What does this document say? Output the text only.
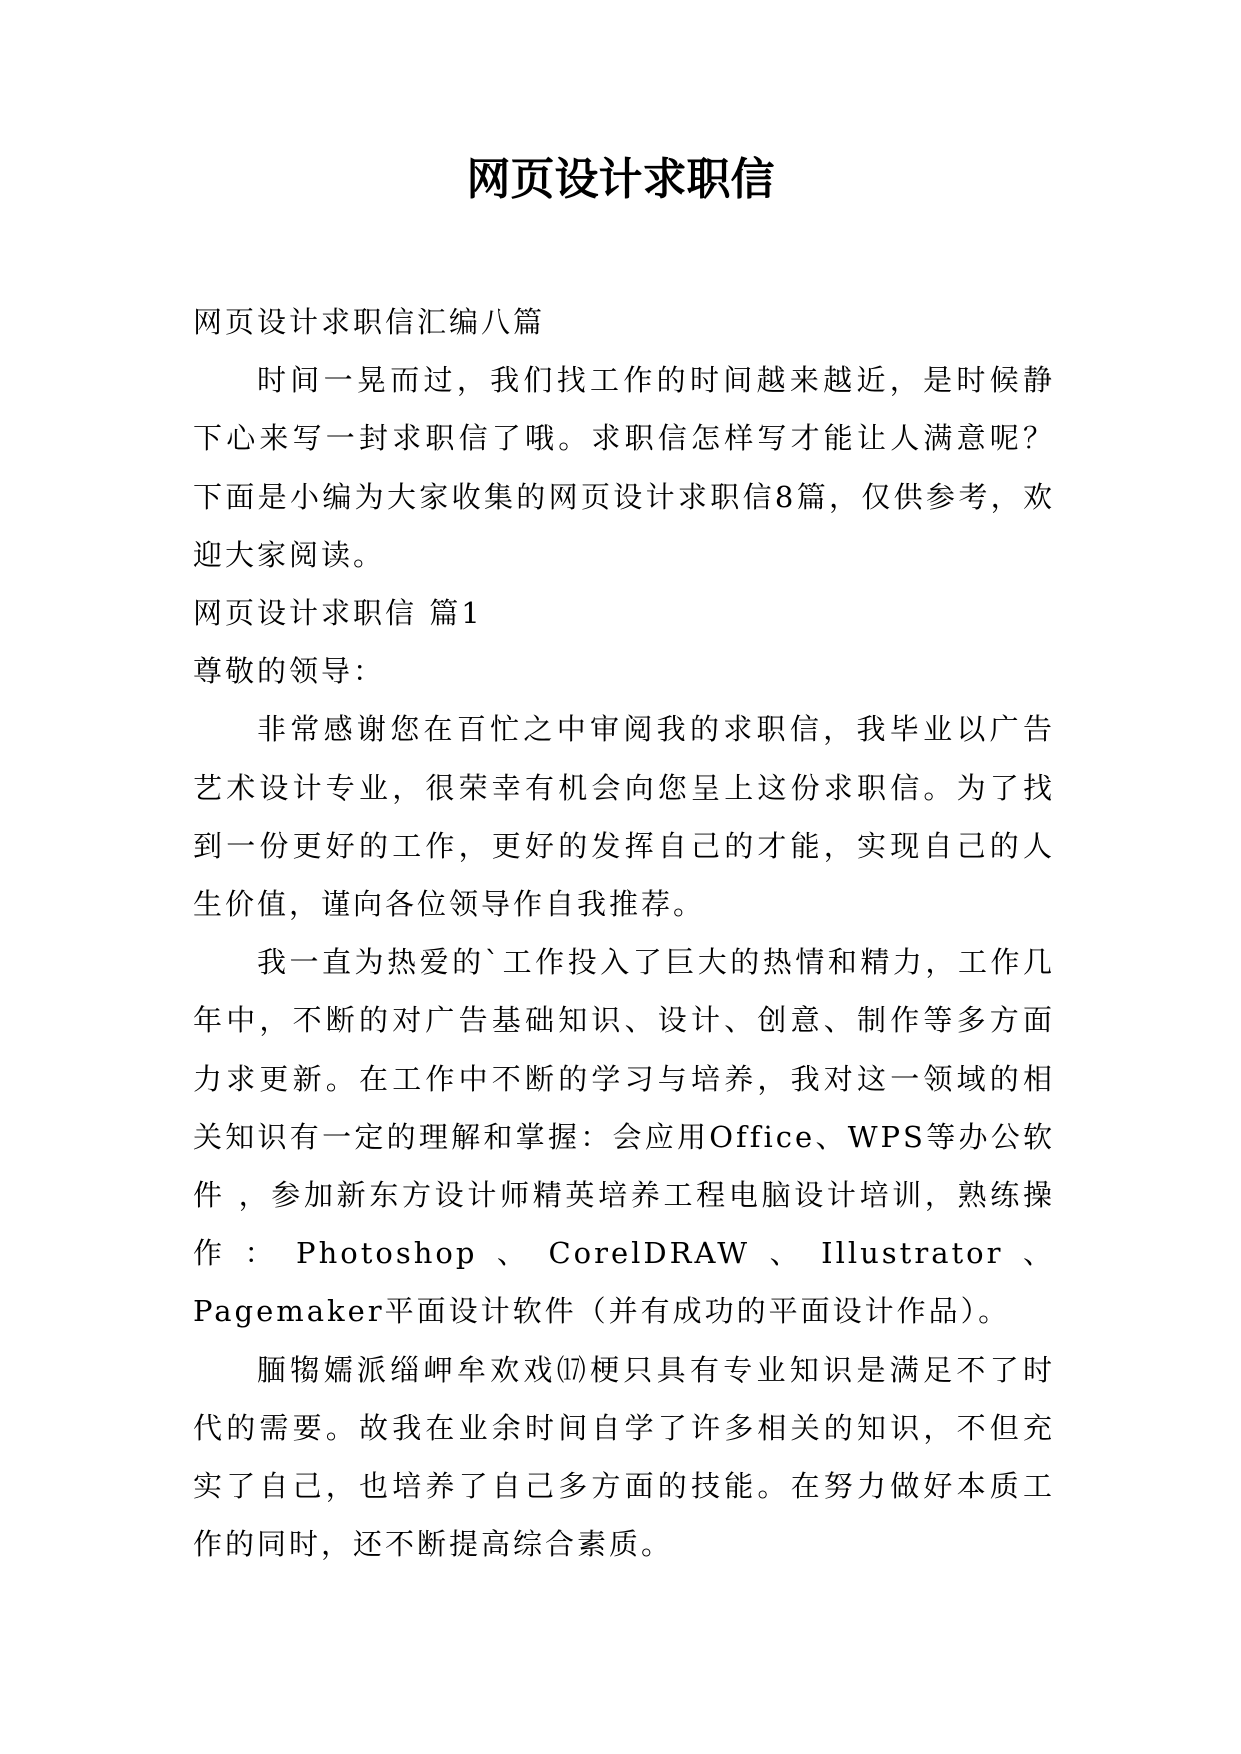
网页设计求职信

网页设计求职信汇编八篇

时间一晃而过，我们找工作的时间越来越近，是时候静下心来写一封求职信了哦。求职信怎样写才能让人满意呢？下面是小编为大家收集的网页设计求职信8篇，仅供参考，欢迎大家阅读。

网页设计求职信 篇1

尊敬的领导：

非常感谢您在百忙之中审阅我的求职信，我毕业以广告艺术设计专业，很荣幸有机会向您呈上这份求职信。为了找到一份更好的工作，更好的发挥自己的才能，实现自己的人生价值，谨向各位领导作自我推荐。

我一直为热爱的`工作投入了巨大的热情和精力，工作几年中，不断的对广告基础知识、设计、创意、制作等多方面力求更新。在工作中不断的学习与培养，我对这一领域的相关知识有一定的理解和掌握：会应用Office、WPS等办公软件 ，参加新东方设计师精英培养工程电脑设计培训，熟练操作：Photoshop、CorelDRAW、Illustrator、Pagemaker平面设计软件（并有成功的平面设计作品）。

腼犓嬬派缁岬牟欢戏⒄梗只具有专业知识是满足不了时代的需要。故我在业余时间自学了许多相关的知识，不但充实了自己，也培养了自己多方面的技能。在努力做好本质工作的同时，还不断提高综合素质。
